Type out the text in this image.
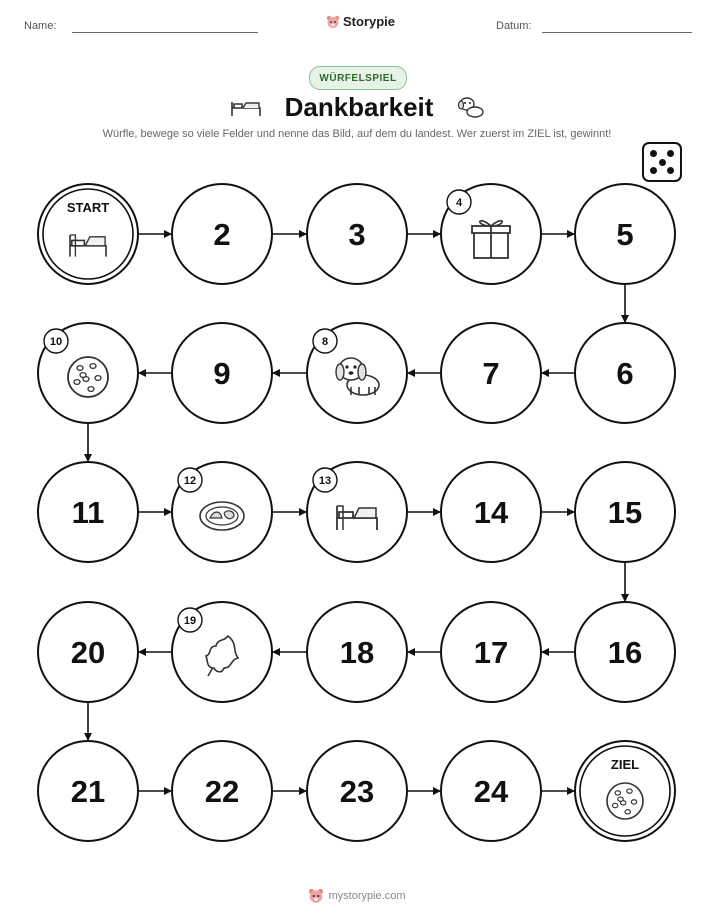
START
2	3
4
5
6
7
8
9
10
11
12	13
14	15
16
17
18
19
20
21	22	23	24
ZIEL
Name:	Datum:
Storypie
WÜRFELSPIEL
Dankbarkeit
Würfle, bewege so viele Felder und nenne das Bild, auf dem du landest. Wer zuerst im ZIEL ist, gewinnt!
mystorypie.com
